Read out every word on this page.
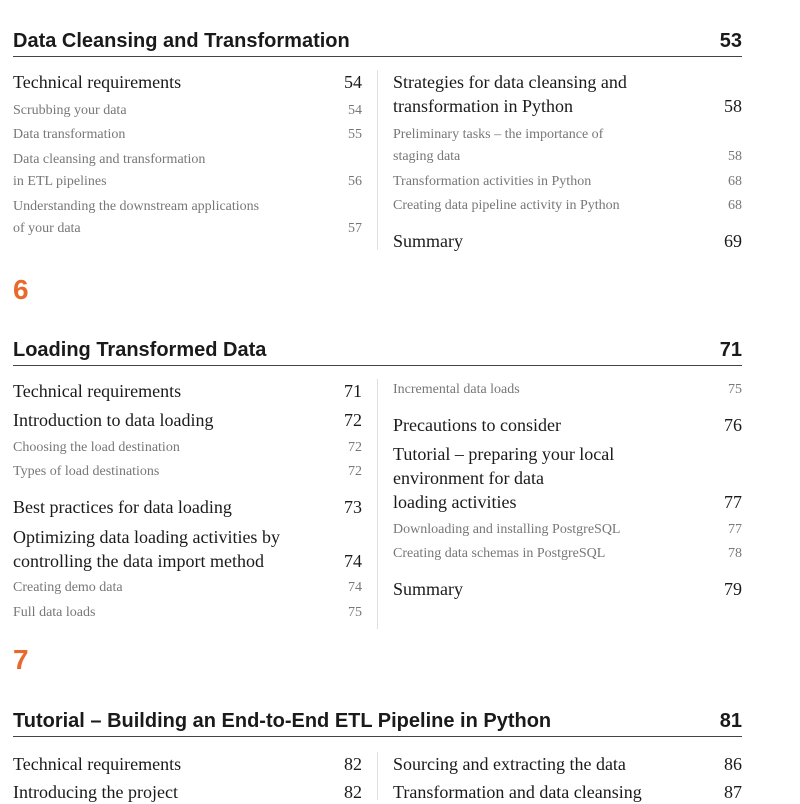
Data Cleansing and Transformation	53
Technical requirements	54
Scrubbing your data	54
Data transformation	55
Data cleansing and transformation
in ETL pipelines	56
Understanding the downstream applications
of your data	57
Strategies for data cleansing and
transformation in Python	58
Preliminary tasks – the importance of
staging data	58
Transformation activities in Python	68
Creating data pipeline activity in Python	68
Summary	69
6
Loading Transformed Data	71
Technical requirements	71
Introduction to data loading	72
Choosing the load destination	72
Types of load destinations	72
Best practices for data loading	73
Optimizing data loading activities by
controlling the data import method	74
Creating demo data	74
Full data loads	75
Incremental data loads	75
Precautions to consider	76
Tutorial – preparing your local
environment for data
loading activities	77
Downloading and installing PostgreSQL	77
Creating data schemas in PostgreSQL	78
Summary	79
7
Tutorial – Building an End-to-End ETL Pipeline in Python	81
Technical requirements	82
Introducing the project	82
Sourcing and extracting the data	86
Transformation and data cleansing	87
